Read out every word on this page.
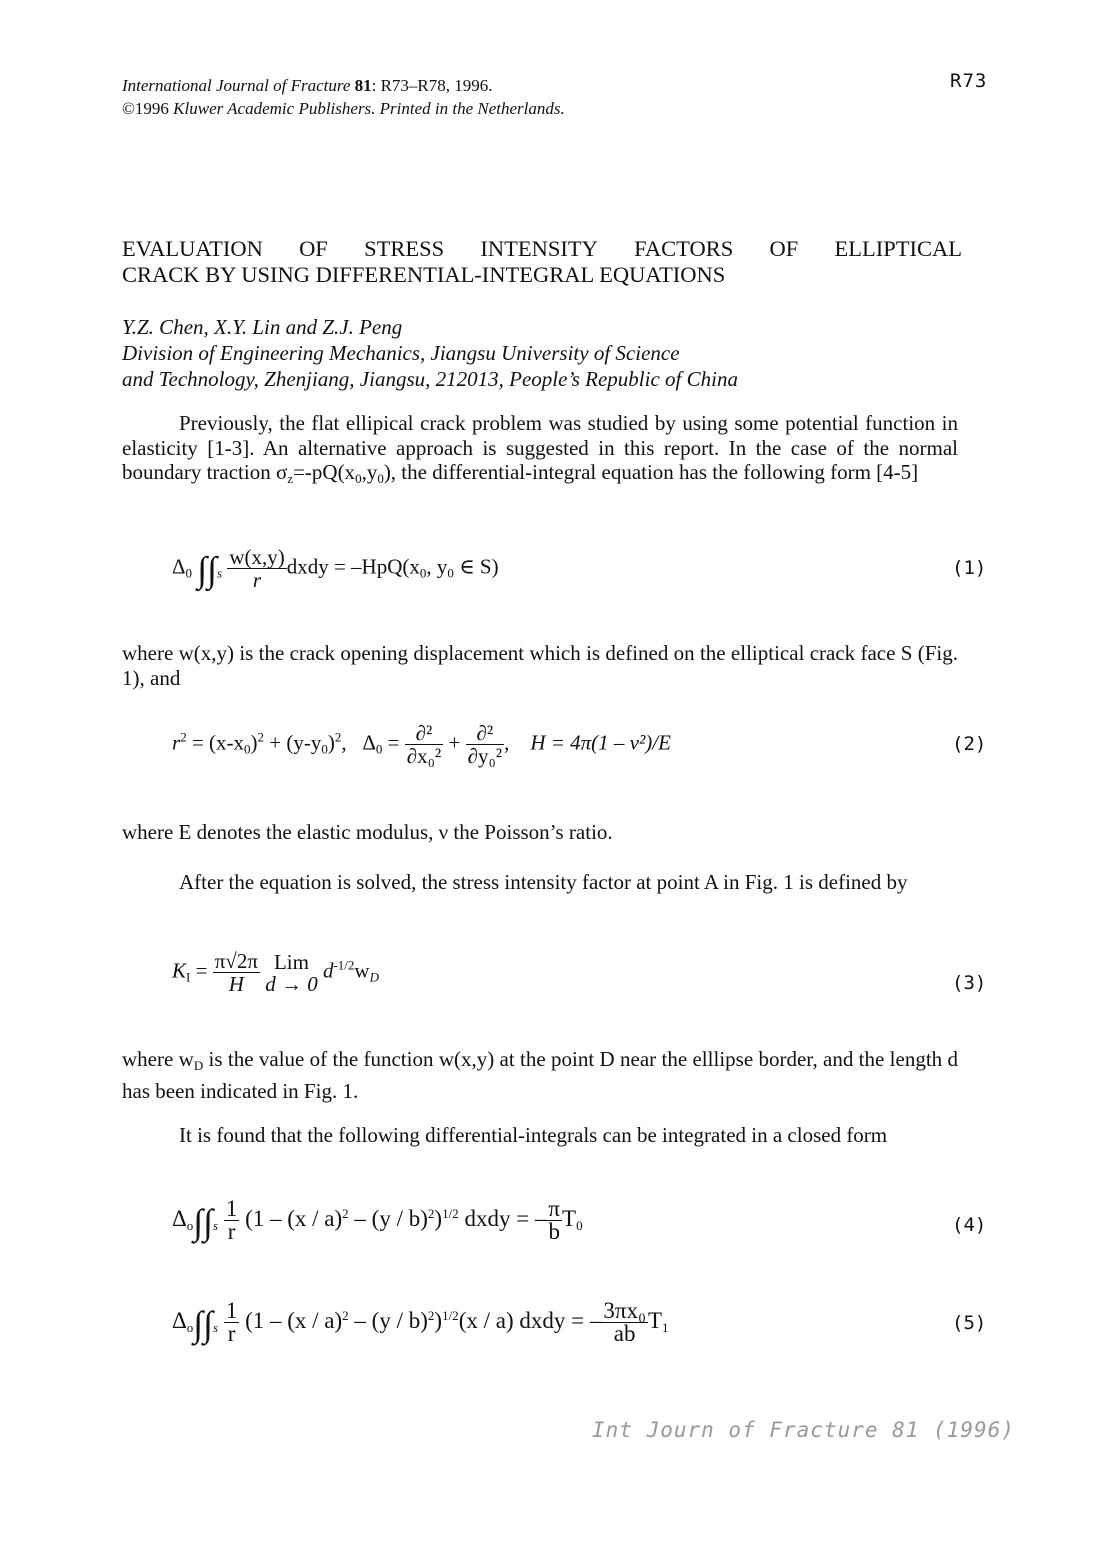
International Journal of Fracture 81: R73–R78, 1996.
©1996 Kluwer Academic Publishers. Printed in the Netherlands.
R73
EVALUATION OF STRESS INTENSITY FACTORS OF ELLIPTICAL
CRACK BY USING DIFFERENTIAL-INTEGRAL EQUATIONS
Y.Z. Chen, X.Y. Lin and Z.J. Peng
Division of Engineering Mechanics, Jiangsu University of Science
and Technology, Zhenjiang, Jiangsu, 212013, People’s Republic of China
Previously, the flat ellipical crack problem was studied by using some potential function in elasticity [1-3]. An alternative approach is suggested in this report. In the case of the normal boundary traction $\sigma_z=-pQ(x_0,y_0)$, the differential-integral equation has the following form [4-5]
$\Delta_0$ $\int\int_s \frac{w(x,y)}{r}$ dxdy = $-HpQ(x_0$, $y_0$ ∈ S)	(1)
where w(x,y) is the crack opening displacement which is defined on the elliptical crack face S (Fig. 1), and
$r^2 = (x-x_0)^2 + (y-y_0)^2$, $\Delta_0 = \frac{\text{∂²}}{\text{∂x₀²}} + \frac{\text{∂²}}{\text{∂y₀²}}$ , H = 4π(1 – ν²)/E	(2)
where E denotes the elastic modulus, ν the Poisson’s ratio.
After the equation is solved, the stress intensity factor at point A in Fig. 1 is defined by
$K_I = \frac{\pi√2\pi}{H}$
Lim
d → 0
$d^{-1/2}w_D$	(3)
where $w_D$ is the value of the function w(x,y) at the point D near the elllipse border, and the length d has been indicated in Fig. 1.
It is found that the following differential-integrals can be integrated in a closed form
$\Delta_o\int\int_s \frac{1}{r} (1 - (x / a)^2 - (y / b)^2)^{1/2}$ dxdy = – $\frac{\pi}{b} T_0$	(4)
$\Delta_o\int\int_s \frac{1}{r} (1 - (x / a)^2 - (y / b)^2)^{1/2}(x / a)$ dxdy = – $\frac{\text{3πx₀}}{ab} T_1$	(5)
Int Journ of Fracture 81 (1996)
